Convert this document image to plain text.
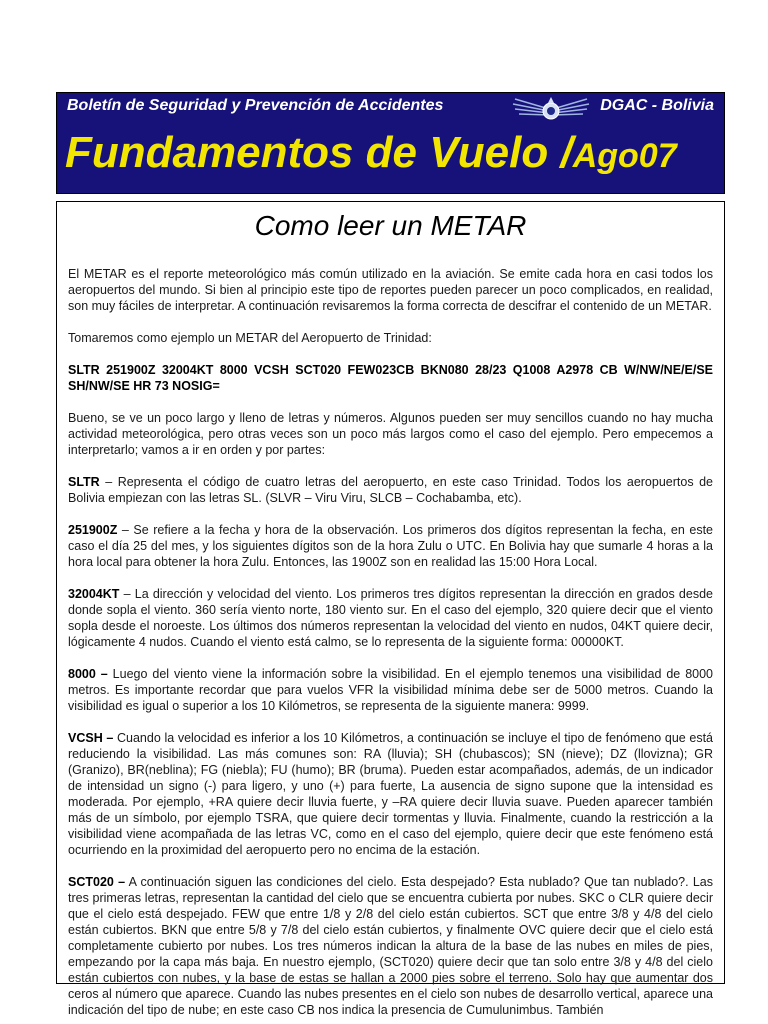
Boletín de Seguridad y Prevención de Accidentes	DGAC - Bolivia
Fundamentos de Vuelo /Ago07
Como leer un METAR

El METAR es el reporte meteorológico más común utilizado en la aviación. Se emite cada hora en casi todos los aeropuertos del mundo. Si bien al principio este tipo de reportes pueden parecer un poco complicados, en realidad, son muy fáciles de interpretar. A continuación revisaremos la forma correcta de descifrar el contenido de un METAR.

Tomaremos como ejemplo un METAR del Aeropuerto de Trinidad:

SLTR 251900Z 32004KT 8000 VCSH SCT020 FEW023CB BKN080 28/23 Q1008 A2978 CB W/NW/NE/E/SE SH/NW/SE HR 73 NOSIG=

Bueno, se ve un poco largo y lleno de letras y números. Algunos pueden ser muy sencillos cuando no hay mucha actividad meteorológica, pero otras veces son un poco más largos como el caso del ejemplo. Pero empecemos a interpretarlo; vamos a ir en orden y por partes:

SLTR – Representa el código de cuatro letras del aeropuerto, en este caso Trinidad. Todos los aeropuertos de Bolivia empiezan con las letras SL. (SLVR – Viru Viru, SLCB – Cochabamba, etc).

251900Z – Se refiere a la fecha y hora de la observación. Los primeros dos dígitos representan la fecha, en este caso el día 25 del mes, y los siguientes dígitos son de la hora Zulu o UTC. En Bolivia hay que sumarle 4 horas a la hora local para obtener la hora Zulu. Entonces, las 1900Z son en realidad las 15:00 Hora Local.

32004KT – La dirección y velocidad del viento. Los primeros tres dígitos representan la dirección en grados desde donde sopla el viento. 360 sería viento norte, 180 viento sur. En el caso del ejemplo, 320 quiere decir que el viento sopla desde el noroeste. Los últimos dos números representan la velocidad del viento en nudos, 04KT quiere decir, lógicamente 4 nudos. Cuando el viento está calmo, se lo representa de la siguiente forma: 00000KT.

8000 – Luego del viento viene la información sobre la visibilidad. En el ejemplo tenemos una visibilidad de 8000 metros. Es importante recordar que para vuelos VFR la visibilidad mínima debe ser de 5000 metros. Cuando la visibilidad es igual o superior a los 10 Kilómetros, se representa de la siguiente manera: 9999.

VCSH – Cuando la velocidad es inferior a los 10 Kilómetros, a continuación se incluye el tipo de fenómeno que está reduciendo la visibilidad. Las más comunes son: RA (lluvia); SH (chubascos); SN (nieve); DZ (llovizna); GR (Granizo), BR(neblina); FG (niebla); FU (humo); BR (bruma). Pueden estar acompañados, además, de un indicador de intensidad un signo (-) para ligero, y uno (+) para fuerte, La ausencia de signo supone que la intensidad es moderada. Por ejemplo, +RA quiere decir lluvia fuerte, y –RA quiere decir lluvia suave. Pueden aparecer también más de un símbolo, por ejemplo TSRA, que quiere decir tormentas y lluvia. Finalmente, cuando la restricción a la visibilidad viene acompañada de las letras VC, como en el caso del ejemplo, quiere decir que este fenómeno está ocurriendo en la proximidad del aeropuerto pero no encima de la estación.

SCT020 – A continuación siguen las condiciones del cielo. Esta despejado? Esta nublado? Que tan nublado?. Las tres primeras letras, representan la cantidad del cielo que se encuentra cubierta por nubes. SKC o CLR quiere decir que el cielo está despejado. FEW que entre 1/8 y 2/8 del cielo están cubiertos. SCT que entre 3/8 y 4/8 del cielo están cubiertos. BKN que entre 5/8 y 7/8 del cielo están cubiertos, y finalmente OVC quiere decir que el cielo está completamente cubierto por nubes. Los tres números indican la altura de la base de las nubes en miles de pies, empezando por la capa más baja. En nuestro ejemplo, (SCT020) quiere decir que tan solo entre 3/8 y 4/8 del cielo están cubiertos con nubes, y la base de estas se hallan a 2000 pies sobre el terreno. Solo hay que aumentar dos ceros al número que aparece. Cuando las nubes presentes en el cielo son nubes de desarrollo vertical, aparece una indicación del tipo de nube; en este caso CB nos indica la presencia de Cumulunimbus. También
